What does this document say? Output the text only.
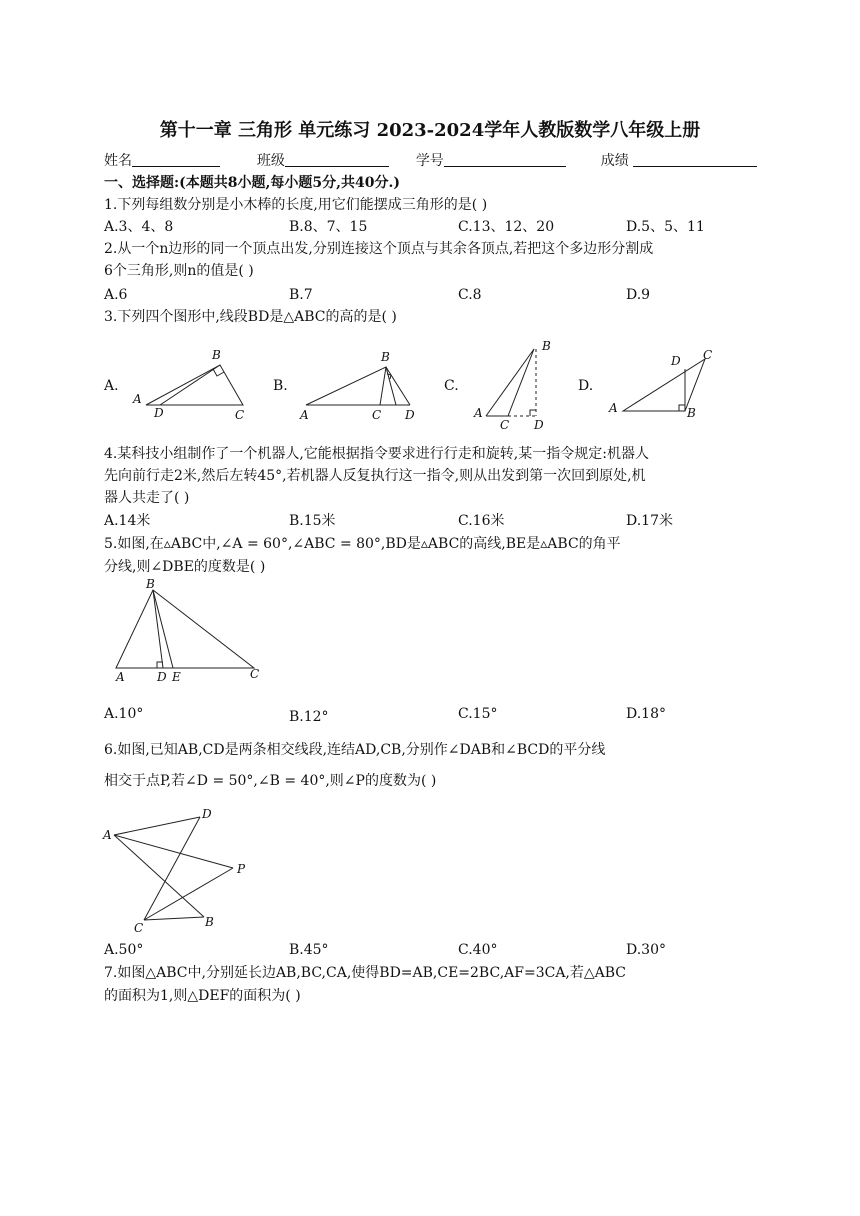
第十一章 三角形 单元练习 2023-2024学年人教版数学八年级上册
姓名	班级	学号	成绩
一、选择题:(本题共8小题,每小题5分,共40分.)
1.下列每组数分别是小木棒的长度,用它们能摆成三角形的是( )
A.3、4、8	B.8、7、15	C.13、12、20	D.5、5、11
2.从一个n边形的同一个顶点出发,分别连接这个顶点与其余各顶点,若把这个多边形分割成
6个三角形,则n的值是( )
A.6	B.7	C.8	D.9
3.下列四个图形中,线段BD是△ABC的高的是( )
A.
A
B
D	C
B.
A
B
C D
C.
B
A
C D
D.
D C
A	B
4.某科技小组制作了一个机器人,它能根据指令要求进行行走和旋转,某一指令规定:机器人
先向前行走2米,然后左转45°,若机器人反复执行这一指令,则从出发到第一次回到原处,机
器人共走了( )
A.14米	B.15米	C.16米	D.17米
5.如图,在▵ABC中,∠A = 60°,∠ABC = 80°,BD是▵ABC的高线,BE是▵ABC的角平
分线,则∠DBE的度数是( )
B
A	D E	C
A.10°	B.12°	C.15°	D.18°
6.如图,已知AB,CD是两条相交线段,连结AD,CB,分别作∠DAB和∠BCD的平分线
相交于点P,若∠D = 50°,∠B = 40°,则∠P的度数为( )
A
D
P
C	B
A.50°	B.45°	C.40°	D.30°
7.如图△ABC中,分别延长边AB,BC,CA,使得BD=AB,CE=2BC,AF=3CA,若△ABC
的面积为1,则△DEF的面积为( )
